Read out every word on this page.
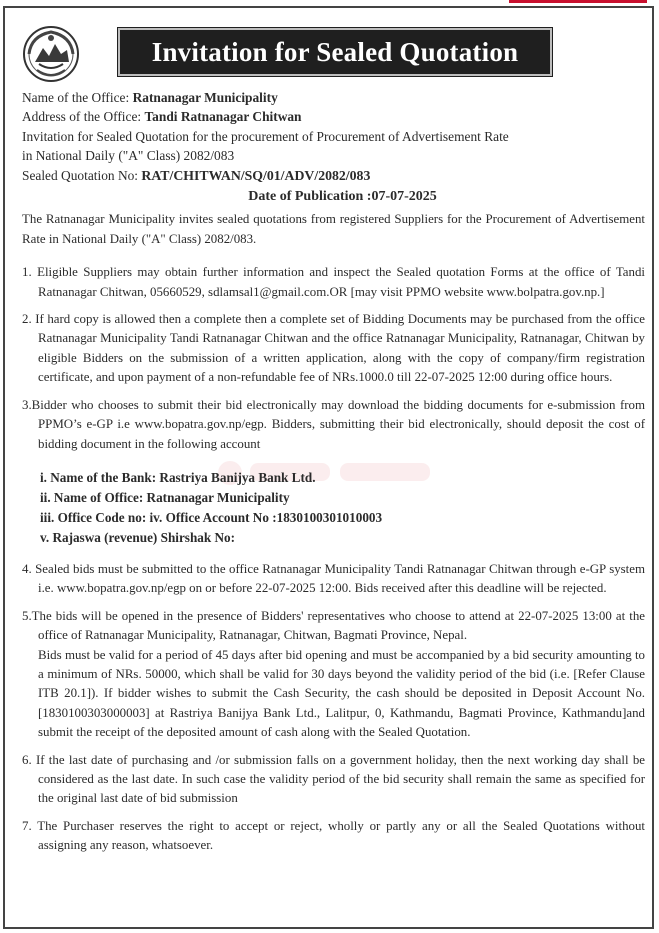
Invitation for Sealed Quotation
Name of the Office: Ratnanagar Municipality
Address of the Office: Tandi Ratnanagar Chitwan
Invitation for Sealed Quotation for the procurement of Procurement of Advertisement Rate
in National Daily ("A" Class) 2082/083
Sealed Quotation No: RAT/CHITWAN/SQ/01/ADV/2082/083
Date of Publication :07-07-2025

The Ratnanagar Municipality invites sealed quotations from registered Suppliers for the Procurement of Advertisement Rate in National Daily ("A" Class) 2082/083.

1. Eligible Suppliers may obtain further information and inspect the Sealed quotation Forms at the office of Tandi Ratnanagar Chitwan, 05660529, sdlamsal1@gmail.com.OR [may visit PPMO website www.bolpatra.gov.np.]

2. If hard copy is allowed then a complete then a complete set of Bidding Documents may be purchased from the office Ratnanagar Municipality Tandi Ratnanagar Chitwan and the office Ratnanagar Municipality, Ratnanagar, Chitwan by eligible Bidders on the submission of a written application, along with the copy of company/firm registration certificate, and upon payment of a non-refundable fee of NRs.1000.0 till 22-07-2025 12:00 during office hours.

3.Bidder who chooses to submit their bid electronically may download the bidding documents for e-submission from PPMO’s e-GP i.e www.bopatra.gov.np/egp. Bidders, submitting their bid electronically, should deposit the cost of bidding document in the following account

i. Name of the Bank: Rastriya Banijya Bank Ltd.
ii. Name of Office: Ratnanagar Municipality
iii. Office Code no: iv. Office Account No :1830100301010003
v. Rajaswa (revenue) Shirshak No:

4. Sealed bids must be submitted to the office Ratnanagar Municipality Tandi Ratnanagar Chitwan through e-GP system i.e. www.bopatra.gov.np/egp on or before 22-07-2025 12:00. Bids received after this deadline will be rejected.

5.The bids will be opened in the presence of Bidders' representatives who choose to attend at 22-07-2025 13:00 at the office of Ratnanagar Municipality, Ratnanagar, Chitwan, Bagmati Province, Nepal.

Bids must be valid for a period of 45 days after bid opening and must be accompanied by a bid security amounting to a minimum of NRs. 50000, which shall be valid for 30 days beyond the validity period of the bid (i.e. [Refer Clause ITB 20.1]). If bidder wishes to submit the Cash Security, the cash should be deposited in Deposit Account No. [1830100303000003] at Rastriya Banijya Bank Ltd., Lalitpur, 0, Kathmandu, Bagmati Province, Kathmandu]and submit the receipt of the deposited amount of cash along with the Sealed Quotation.

6. If the last date of purchasing and /or submission falls on a government holiday, then the next working day shall be considered as the last date. In such case the validity period of the bid security shall remain the same as specified for the original last date of bid submission

7. The Purchaser reserves the right to accept or reject, wholly or partly any or all the Sealed Quotations without assigning any reason, whatsoever.
